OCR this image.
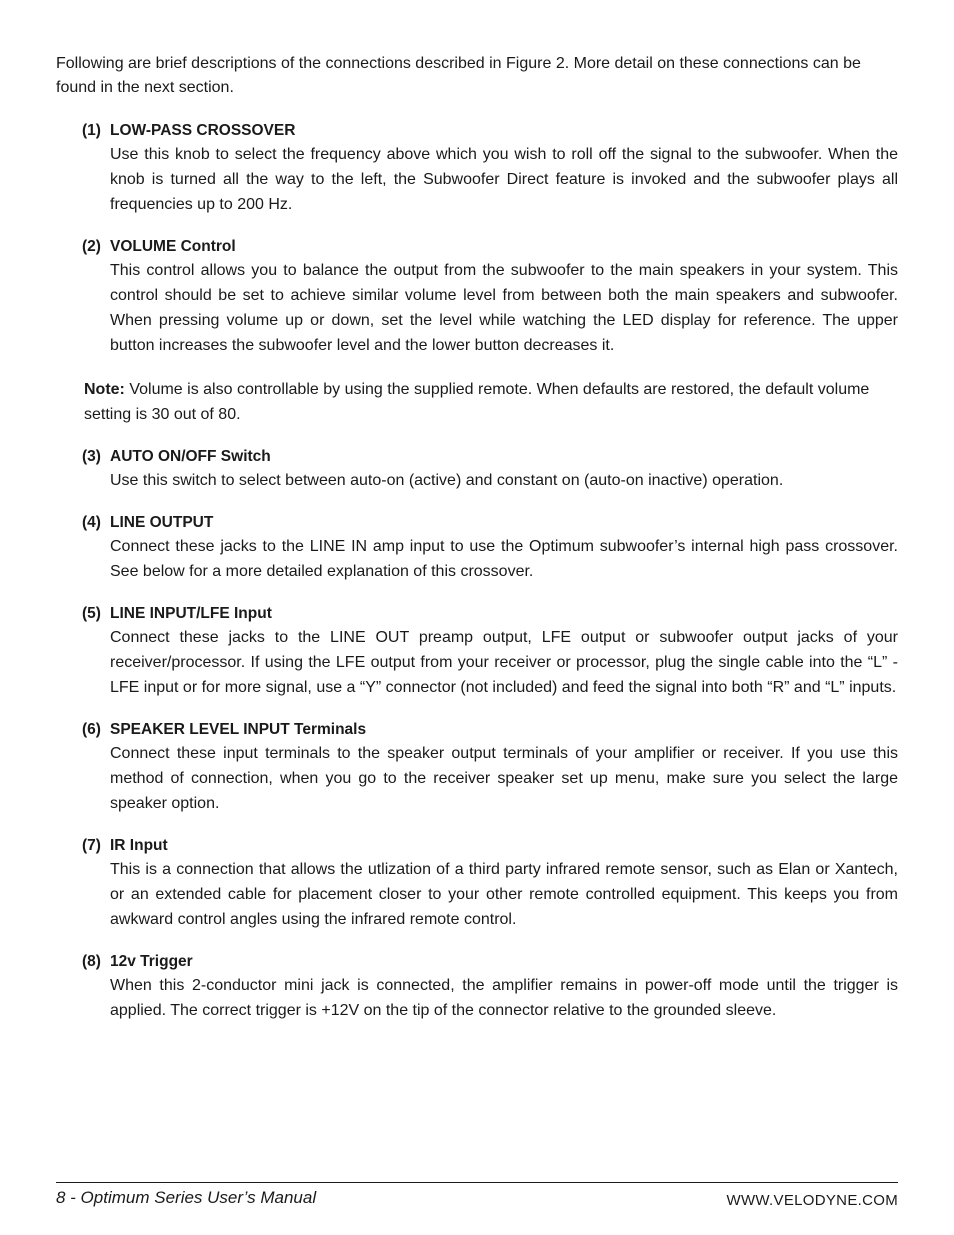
Following are brief descriptions of the connections described in Figure 2. More detail on these connections can be found in the next section.

(1) LOW-PASS CROSSOVER
Use this knob to select the frequency above which you wish to roll off the signal to the subwoofer. When the knob is turned all the way to the left, the Subwoofer Direct feature is invoked and the subwoofer plays all frequencies up to 200 Hz.
(2) VOLUME Control
This control allows you to balance the output from the subwoofer to the main speakers in your system. This control should be set to achieve similar volume level from between both the main speakers and subwoofer. When pressing volume up or down, set the level while watching the LED display for reference. The upper button increases the subwoofer level and the lower button decreases it.
Note: Volume is also controllable by using the supplied remote. When defaults are restored, the default volume setting is 30 out of 80.
(3) AUTO ON/OFF Switch
Use this switch to select between auto-on (active) and constant on (auto-on inactive) operation.
(4) LINE OUTPUT
Connect these jacks to the LINE IN amp input to use the Optimum subwoofer’s internal high pass crossover. See below for a more detailed explanation of this crossover.
(5) LINE INPUT/LFE Input
Connect these jacks to the LINE OUT preamp output, LFE output or subwoofer output jacks of your receiver/processor. If using the LFE output from your receiver or processor, plug the single cable into the “L” - LFE input or for more signal, use a “Y” connector (not included) and feed the signal into both “R” and “L” inputs.
(6) SPEAKER LEVEL INPUT Terminals
Connect these input terminals to the speaker output terminals of your amplifier or receiver. If you use this method of connection, when you go to the receiver speaker set up menu, make sure you select the large speaker option.
(7) IR Input
This is a connection that allows the utlization of a third party infrared remote sensor, such as Elan or Xantech, or an extended cable for placement closer to your other remote controlled equipment. This keeps you from awkward control angles using the infrared remote control.
(8) 12v Trigger
When this 2-conductor mini jack is connected, the amplifier remains in power-off mode until the trigger is applied. The correct trigger is +12V on the tip of the connector relative to the grounded sleeve.
8 - Optimum Series User’s Manual	WWW.VELODYNE.COM
